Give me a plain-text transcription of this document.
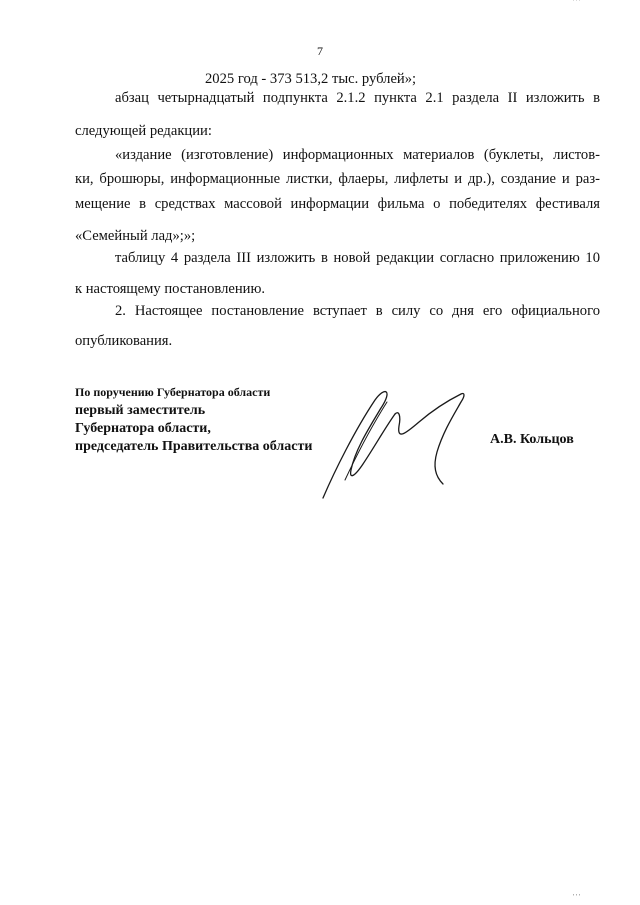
7
2025 год - 373 513,2 тыс. рублей»;
абзац четырнадцатый подпункта 2.1.2 пункта 2.1 раздела II изложить в
следующей редакции:
«издание (изготовление) информационных материалов (буклеты, листов-
ки, брошюры, информационные листки, флаеры, лифлеты и др.), создание и раз-
мещение в средствах массовой информации фильма о победителях фестиваля
«Семейный лад»;»;
таблицу 4 раздела III изложить в новой редакции согласно приложению 10
к настоящему постановлению.
2. Настоящее постановление вступает в силу со дня его официального
опубликования.
По поручению Губернатора области
первый заместитель
Губернатора области,
председатель Правительства области	А.В. Кольцов
' ' '
' ' '
